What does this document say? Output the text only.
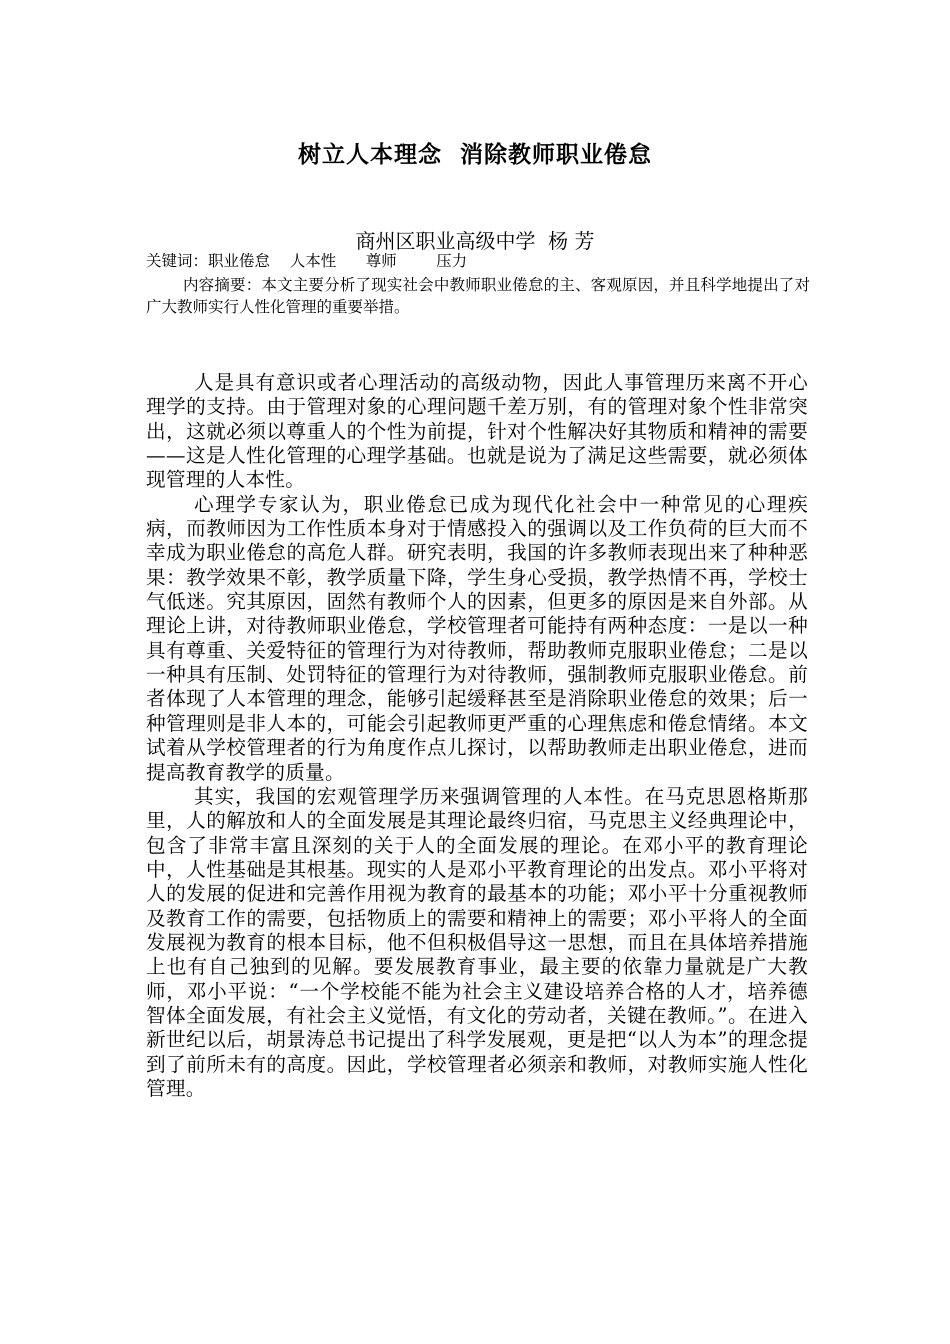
树立人本理念  消除教师职业倦怠
商州区职业高级中学  杨 芳
关键词：职业倦怠    人本性      尊师        压力
内容摘要：本文主要分析了现实社会中教师职业倦怠的主、客观原因，并且科学地提出了对广大教师实行人性化管理的重要举措。

人是具有意识或者心理活动的高级动物，因此人事管理历来离不开心理学的支持。由于管理对象的心理问题千差万别，有的管理对象个性非常突出，这就必须以尊重人的个性为前提，针对个性解决好其物质和精神的需要——这是人性化管理的心理学基础。也就是说为了满足这些需要，就必须体现管理的人本性。

心理学专家认为，职业倦怠已成为现代化社会中一种常见的心理疾病，而教师因为工作性质本身对于情感投入的强调以及工作负荷的巨大而不幸成为职业倦怠的高危人群。研究表明，我国的许多教师表现出来了种种恶果：教学效果不彰，教学质量下降，学生身心受损，教学热情不再，学校士气低迷。究其原因，固然有教师个人的因素，但更多的原因是来自外部。从理论上讲，对待教师职业倦怠，学校管理者可能持有两种态度：一是以一种具有尊重、关爱特征的管理行为对待教师，帮助教师克服职业倦怠；二是以一种具有压制、处罚特征的管理行为对待教师，强制教师克服职业倦怠。前者体现了人本管理的理念，能够引起缓释甚至是消除职业倦怠的效果；后一种管理则是非人本的，可能会引起教师更严重的心理焦虑和倦怠情绪。本文试着从学校管理者的行为角度作点儿探讨，以帮助教师走出职业倦怠，进而提高教育教学的质量。

其实，我国的宏观管理学历来强调管理的人本性。在马克思恩格斯那里，人的解放和人的全面发展是其理论最终归宿，马克思主义经典理论中，包含了非常丰富且深刻的关于人的全面发展的理论。在邓小平的教育理论中，人性基础是其根基。现实的人是邓小平教育理论的出发点。邓小平将对人的发展的促进和完善作用视为教育的最基本的功能；邓小平十分重视教师及教育工作的需要，包括物质上的需要和精神上的需要；邓小平将人的全面发展视为教育的根本目标，他不但积极倡导这一思想，而且在具体培养措施上也有自己独到的见解。要发展教育事业，最主要的依靠力量就是广大教师，邓小平说：“一个学校能不能为社会主义建设培养合格的人才，培养德智体全面发展，有社会主义觉悟，有文化的劳动者，关键在教师。”。在进入新世纪以后，胡景涛总书记提出了科学发展观，更是把“以人为本”的理念提到了前所未有的高度。因此，学校管理者必须亲和教师，对教师实施人性化管理。
